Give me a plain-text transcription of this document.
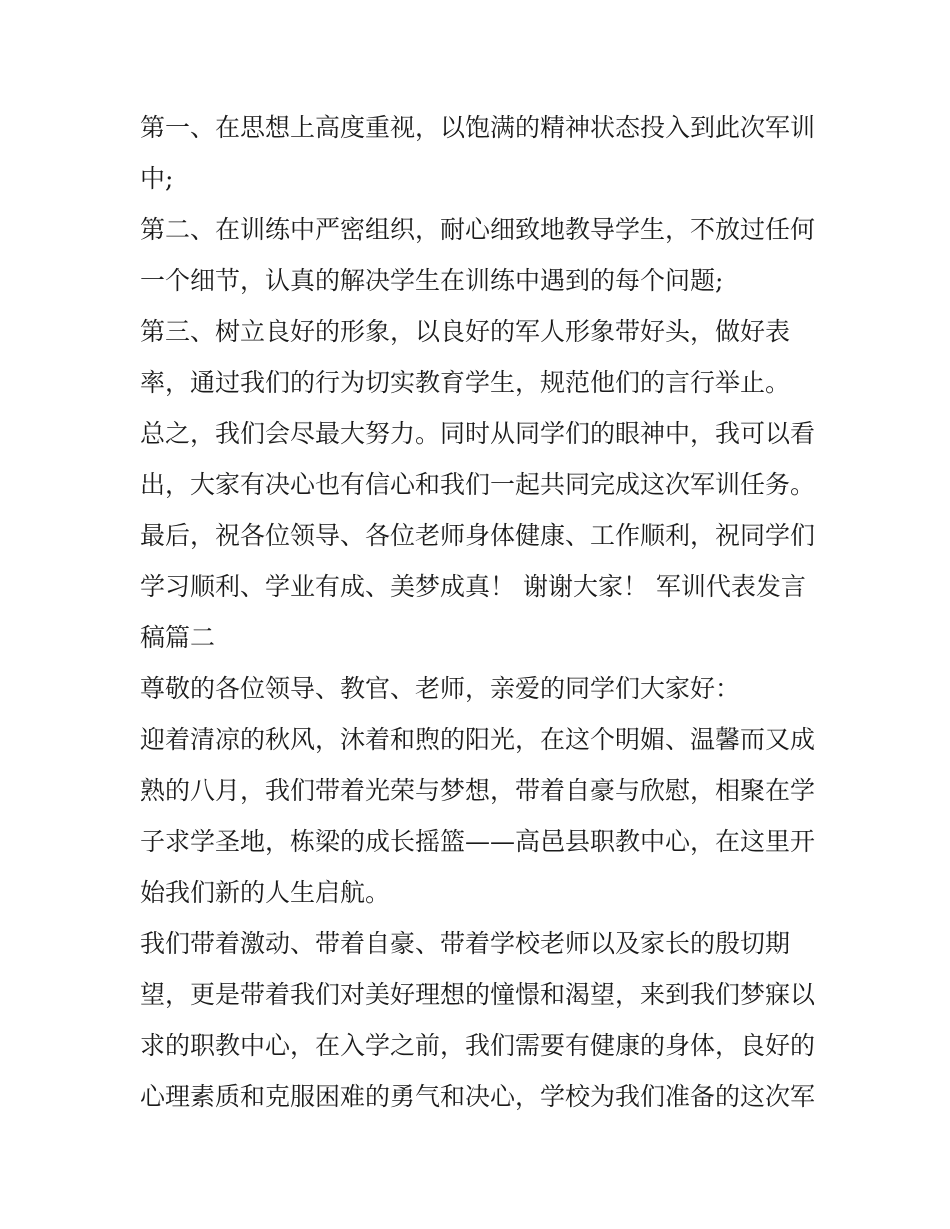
第一、在思想上高度重视，以饱满的精神状态投入到此次军训
中;
第二、在训练中严密组织，耐心细致地教导学生，不放过任何
一个细节，认真的解决学生在训练中遇到的每个问题;
第三、树立良好的形象，以良好的军人形象带好头，做好表
率，通过我们的行为切实教育学生，规范他们的言行举止。
总之，我们会尽最大努力。同时从同学们的眼神中，我可以看
出，大家有决心也有信心和我们一起共同完成这次军训任务。
最后，祝各位领导、各位老师身体健康、工作顺利，祝同学们
学习顺利、学业有成、美梦成真！ 谢谢大家！ 军训代表发言
稿篇二
尊敬的各位领导、教官、老师，亲爱的同学们大家好：
迎着清凉的秋风，沐着和煦的阳光，在这个明媚、温馨而又成
熟的八月，我们带着光荣与梦想，带着自豪与欣慰，相聚在学
子求学圣地，栋梁的成长摇篮——高邑县职教中心，在这里开
始我们新的人生启航。
我们带着激动、带着自豪、带着学校老师以及家长的殷切期
望，更是带着我们对美好理想的憧憬和渴望，来到我们梦寐以
求的职教中心，在入学之前，我们需要有健康的身体，良好的
心理素质和克服困难的勇气和决心，学校为我们准备的这次军
